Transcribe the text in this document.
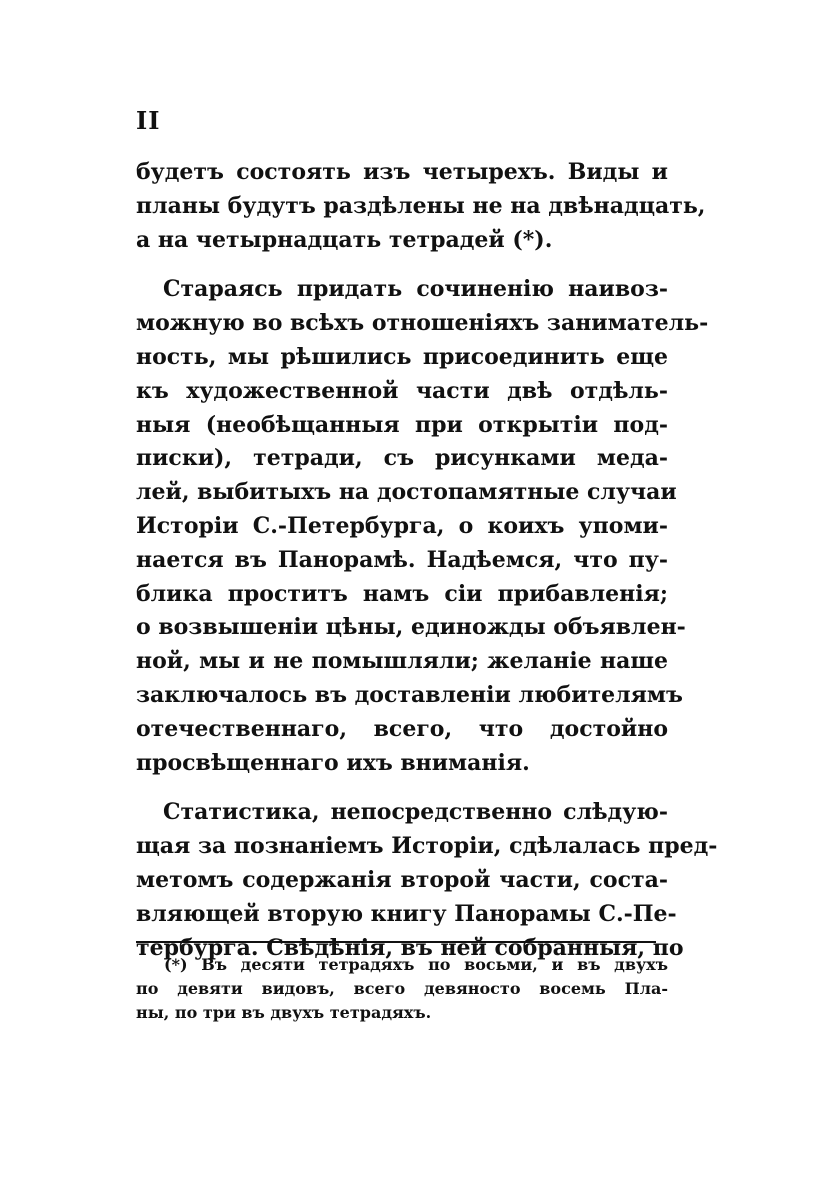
II
будетъ состоять изъ четырехъ. Виды и
планы будутъ раздѣлены не на двѣнадцать,
а на четырнадцать тетрадей (*).
Стараясь придать сочиненію наивоз-
можную во всѣхъ отношеніяхъ заниматель-
ность, мы рѣшились присоединить еще
къ художественной части двѣ отдѣль-
ныя (необѣщанныя при открытіи под-
писки), тетради, съ рисунками меда-
лей, выбитыхъ на достопамятные случаи
Исторіи С.-Петербурга, о коихъ упоми-
нается въ Панорамѣ. Надѣемся, что пу-
блика проститъ намъ сіи прибавленія;
о возвышеніи цѣны, единожды объявлен-
ной, мы и не помышляли; желаніе наше
заключалось въ доставленіи любителямъ
отечественнаго, всего, что достойно
просвѣщеннаго ихъ вниманія.
Статистика, непосредственно слѣдую-
щая за познаніемъ Исторіи, сдѣлалась пред-
метомъ содержанія второй части, соста-
вляющей вторую книгу Панорамы С.-Пе-
тербурга. Свѣдѣнія, въ ней собранныя, по
(*) Въ десяти тетрадяхъ по восьми, и въ двухъ
по девяти видовъ, всего девяносто восемь Пла-
ны, по три въ двухъ тетрадяхъ.
